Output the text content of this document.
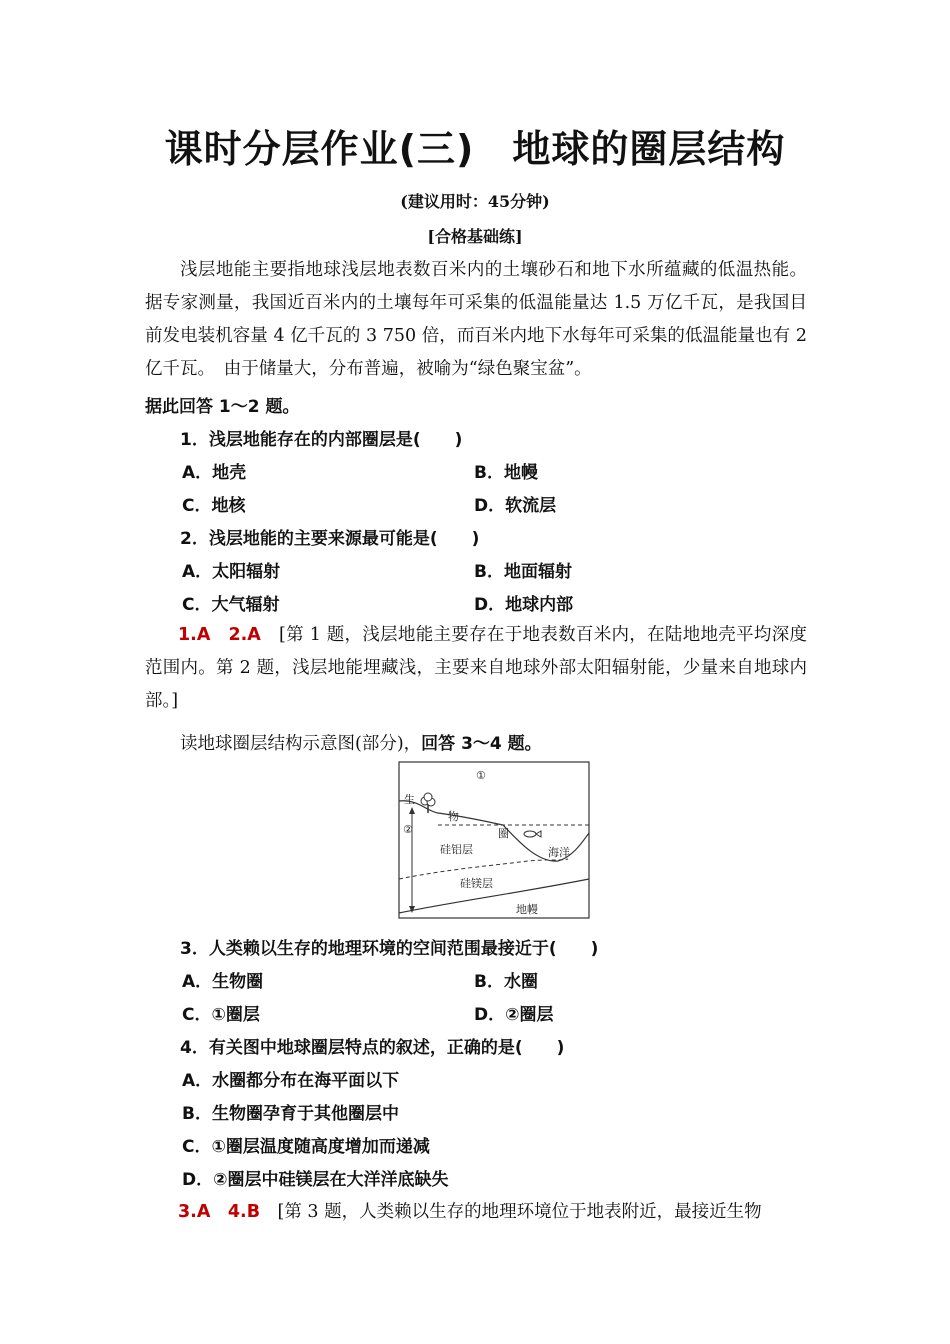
课时分层作业(三) 地球的圈层结构
(建议用时：45分钟)
[合格基础练]
浅层地能主要指地球浅层地表数百米内的土壤砂石和地下水所蕴藏的低温热能。据专家测量，我国近百米内的土壤每年可采集的低温能量达 1.5 万亿千瓦，是我国目前发电装机容量 4 亿千瓦的 3 750 倍，而百米内地下水每年可采集的低温能量也有 2 亿千瓦。　由于储量大，分布普遍，被喻为“绿色聚宝盆”。
据此回答 1～2 题。
1．浅层地能存在的内部圈层是(　　)
A．地壳	B．地幔
C．地核	D．软流层
2．浅层地能的主要来源最可能是(　　)
A．太阳辐射	B．地面辐射
C．大气辐射	D．地球内部
1.A　2.A　 [第 1 题，浅层地能主要存在于地表数百米内，在陆地地壳平均深度范围内。第 2 题，浅层地能埋藏浅，主要来自地球外部太阳辐射能，少量来自地球内部。]
读地球圈层结构示意图(部分)，回答 3～4 题。
①
②
生
物
圈
硅铝层	海洋
硅镁层
地幔
3．人类赖以生存的地理环境的空间范围最接近于(　　)
A．生物圈	B．水圈
C．①圈层	D．②圈层
4．有关图中地球圈层特点的叙述，正确的是(　　)
A．水圈都分布在海平面以下
B．生物圈孕育于其他圈层中
C．①圈层温度随高度增加而递减
D．②圈层中硅镁层在大洋洋底缺失
3.A　4.B　 [第 3 题，人类赖以生存的地理环境位于地表附近，最接近生物
